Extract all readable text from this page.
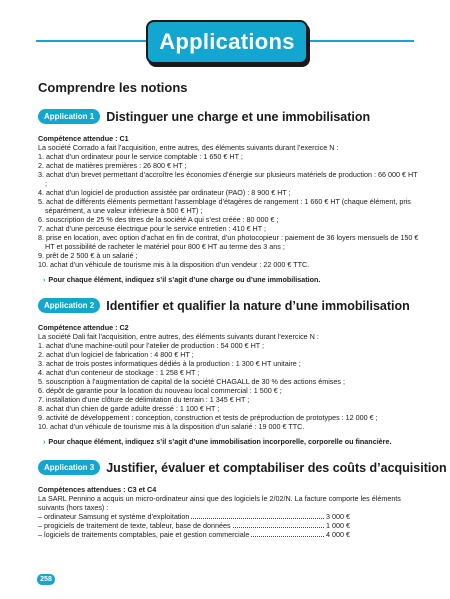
Applications
Comprendre les notions
Application 1 Distinguer une charge et une immobilisation
Compétence attendue : C1
La société Corrado a fait l’acquisition, entre autres, des éléments suivants durant l’exercice N :
1. achat d’un ordinateur pour le service comptable : 1 650 € HT ;
2. achat de matières premières : 26 800 € HT ;
3. achat d’un brevet permettant d’accroître les économies d’énergie sur plusieurs matériels de production : 66 000 € HT ;
4. achat d’un logiciel de production assistée par ordinateur (PAO) : 8 900 € HT ;
5. achat de différents éléments permettant l’assemblage d’étagères de rangement : 1 660 € HT (chaque élément, pris séparément, a une valeur inférieure à 500 € HT) ;
6. souscription de 25 % des titres de la société A qui s’est créée : 80 000 € ;
7. achat d’une perceuse électrique pour le service entretien : 410 € HT ;
8. prise en location, avec option d’achat en fin de contrat, d’un photocopieur : paiement de 36 loyers mensuels de 150 € HT et possibilité de racheter le matériel pour 800 € HT au terme des 3 ans ;
9. prêt de 2 500 € à un salarié ;
10. achat d’un véhicule de tourisme mis à la disposition d’un vendeur : 22 000 € TTC.
› Pour chaque élément, indiquez s’il s’agit d’une charge ou d’une immobilisation.
Application 2 Identifier et qualifier la nature d’une immobilisation
Compétence attendue : C2
La société Dali fait l’acquisition, entre autres, des éléments suivants durant l’exercice N :
1. achat d’une machine-outil pour l’atelier de production : 54 000 € HT ;
2. achat d’un logiciel de fabrication : 4 800 € HT ;
3. achat de trois postes informatiques dédiés à la production : 1 300 € HT unitaire ;
4. achat d’un conteneur de stockage : 1 258 € HT ;
5. souscription à l’augmentation de capital de la société CHAGALL de 30 % des actions émises ;
6. dépôt de garantie pour la location du nouveau local commercial : 1 500 € ;
7. installation d’une clôture de délimitation du terrain : 1 345 € HT ;
8. achat d’un chien de garde adulte dressé : 1 100 € HT ;
9. activité de développement : conception, construction et tests de préproduction de prototypes : 12 000 € ;
10. achat d’un véhicule de tourisme mis à la disposition d’un salarié : 19 000 € TTC.
› Pour chaque élément, indiquez s’il s’agit d’une immobilisation incorporelle, corporelle ou financière.
Application 3 Justifier, évaluer et comptabiliser des coûts d’acquisition
Compétences attendues : C3 et C4
La SARL Pennino a acquis un micro-ordinateur ainsi que des logiciels le 2/02/N. La facture comporte les éléments suivants (hors taxes) :
– ordinateur Samsung et système d’exploitation	3 000 €
– progiciels de traitement de texte, tableur, base de données	1 000 €
– logiciels de traitements comptables, paie et gestion commerciale	4 000 €
258
